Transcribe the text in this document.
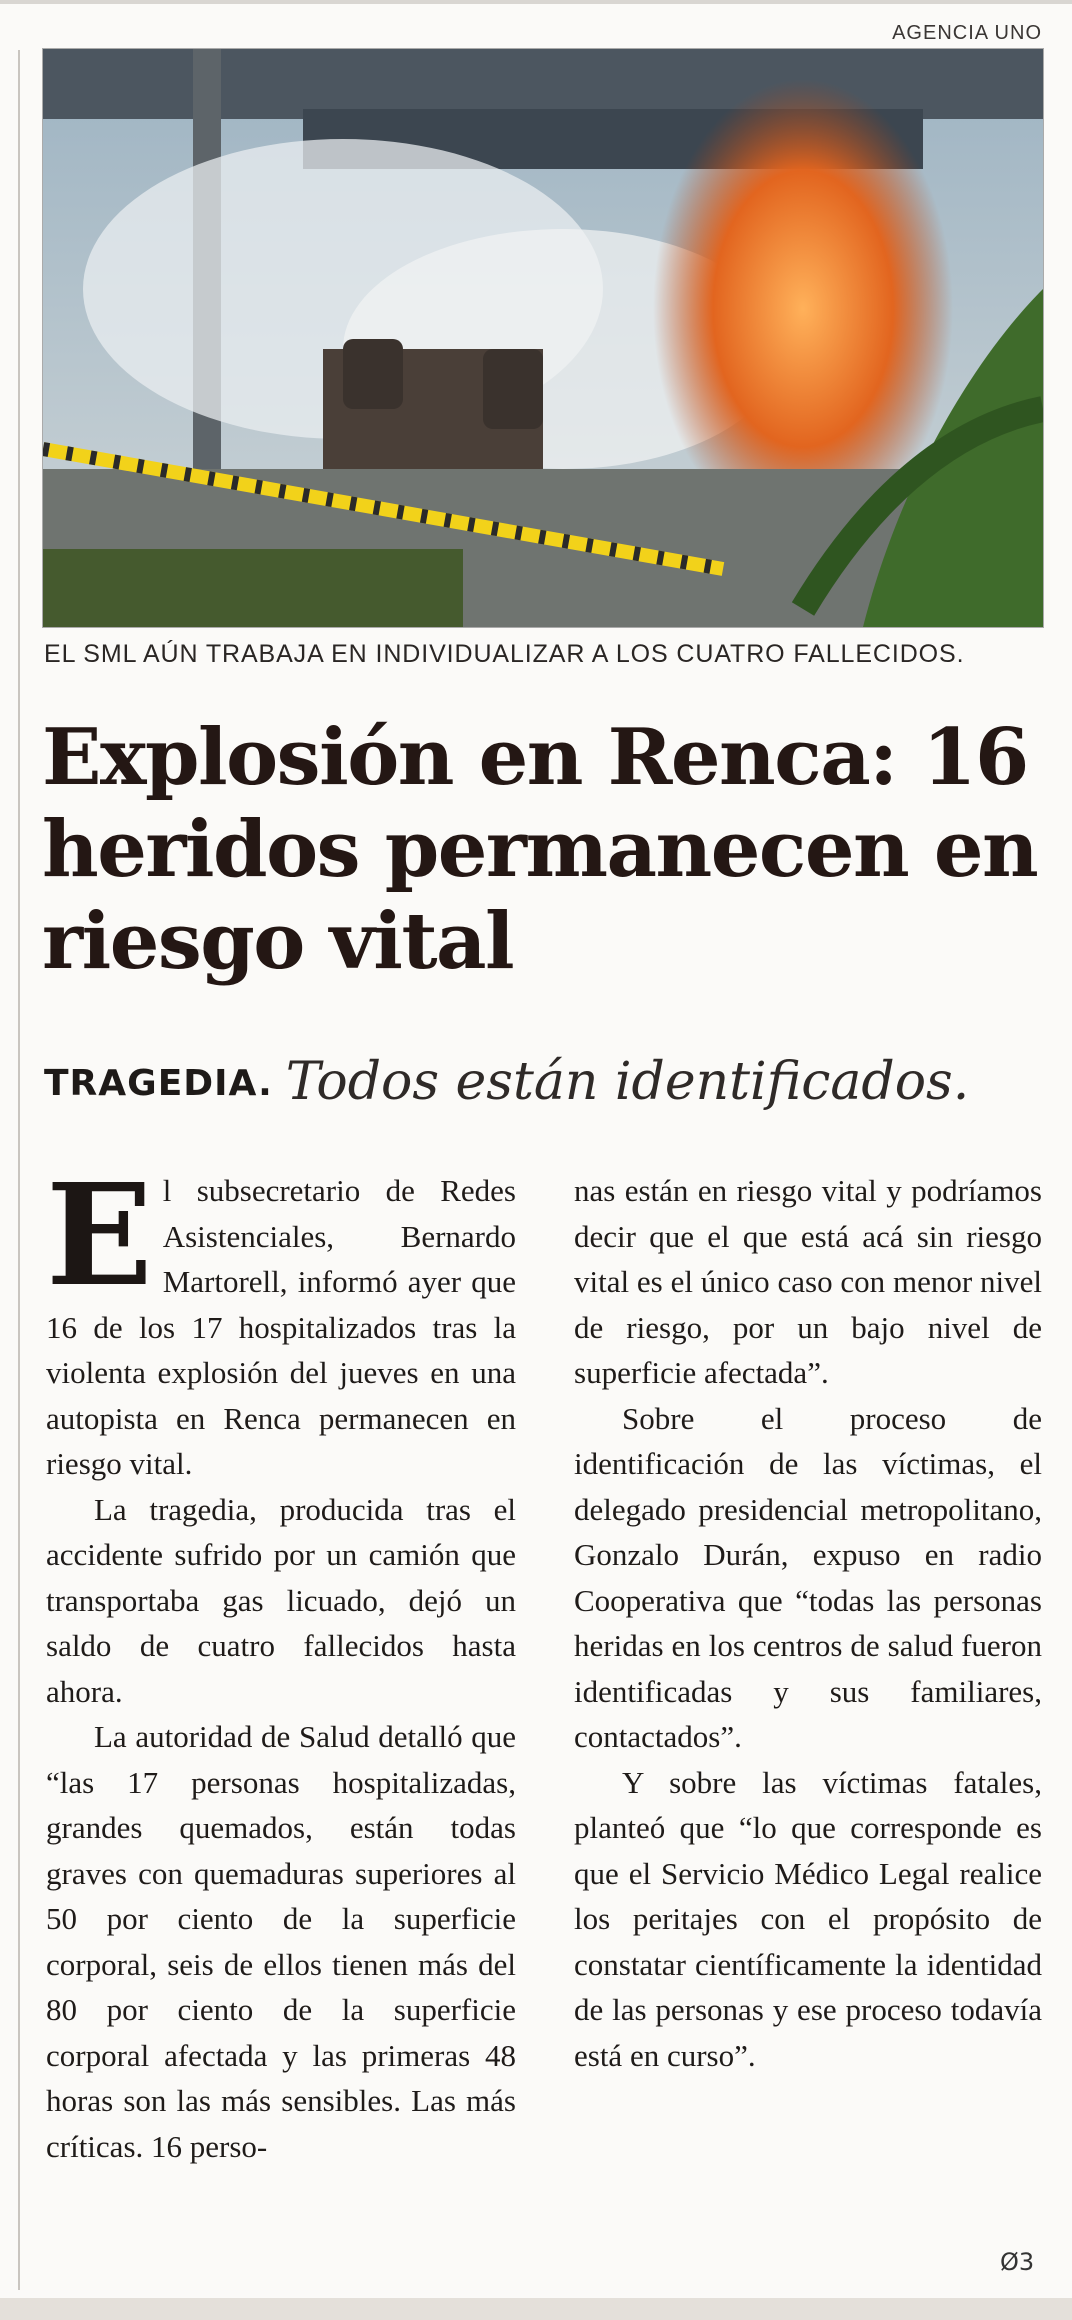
AGENCIA UNO
EL SML AÚN TRABAJA EN INDIVIDUALIZAR A LOS CUATRO FALLECIDOS.
Explosión en Renca: 16 heridos permanecen en riesgo vital
TRAGEDIA. Todos están identificados.

El subsecretario de Redes Asistenciales, Bernardo Martorell, informó ayer que 16 de los 17 hospitalizados tras la violenta explosión del jueves en una autopista en Renca permanecen en riesgo vital.

La tragedia, producida tras el accidente sufrido por un camión que transportaba gas licuado, dejó un saldo de cuatro fallecidos hasta ahora.

La autoridad de Salud detalló que “las 17 personas hospitalizadas, grandes quemados, están todas graves con quemaduras superiores al 50 por ciento de la superficie corporal, seis de ellos tienen más del 80 por ciento de la superficie corporal afectada y las primeras 48 horas son las más sensibles. Las más críticas. 16 perso-

nas están en riesgo vital y podríamos decir que el que está acá sin riesgo vital es el único caso con menor nivel de riesgo, por un bajo nivel de superficie afectada”.

Sobre el proceso de identificación de las víctimas, el delegado presidencial metropolitano, Gonzalo Durán, expuso en radio Cooperativa que “todas las personas heridas en los centros de salud fueron identificadas y sus familiares, contactados”.

Y sobre las víctimas fatales, planteó que “lo que corresponde es que el Servicio Médico Legal realice los peritajes con el propósito de constatar científicamente la identidad de las personas y ese proceso todavía está en curso”.

Ø3
